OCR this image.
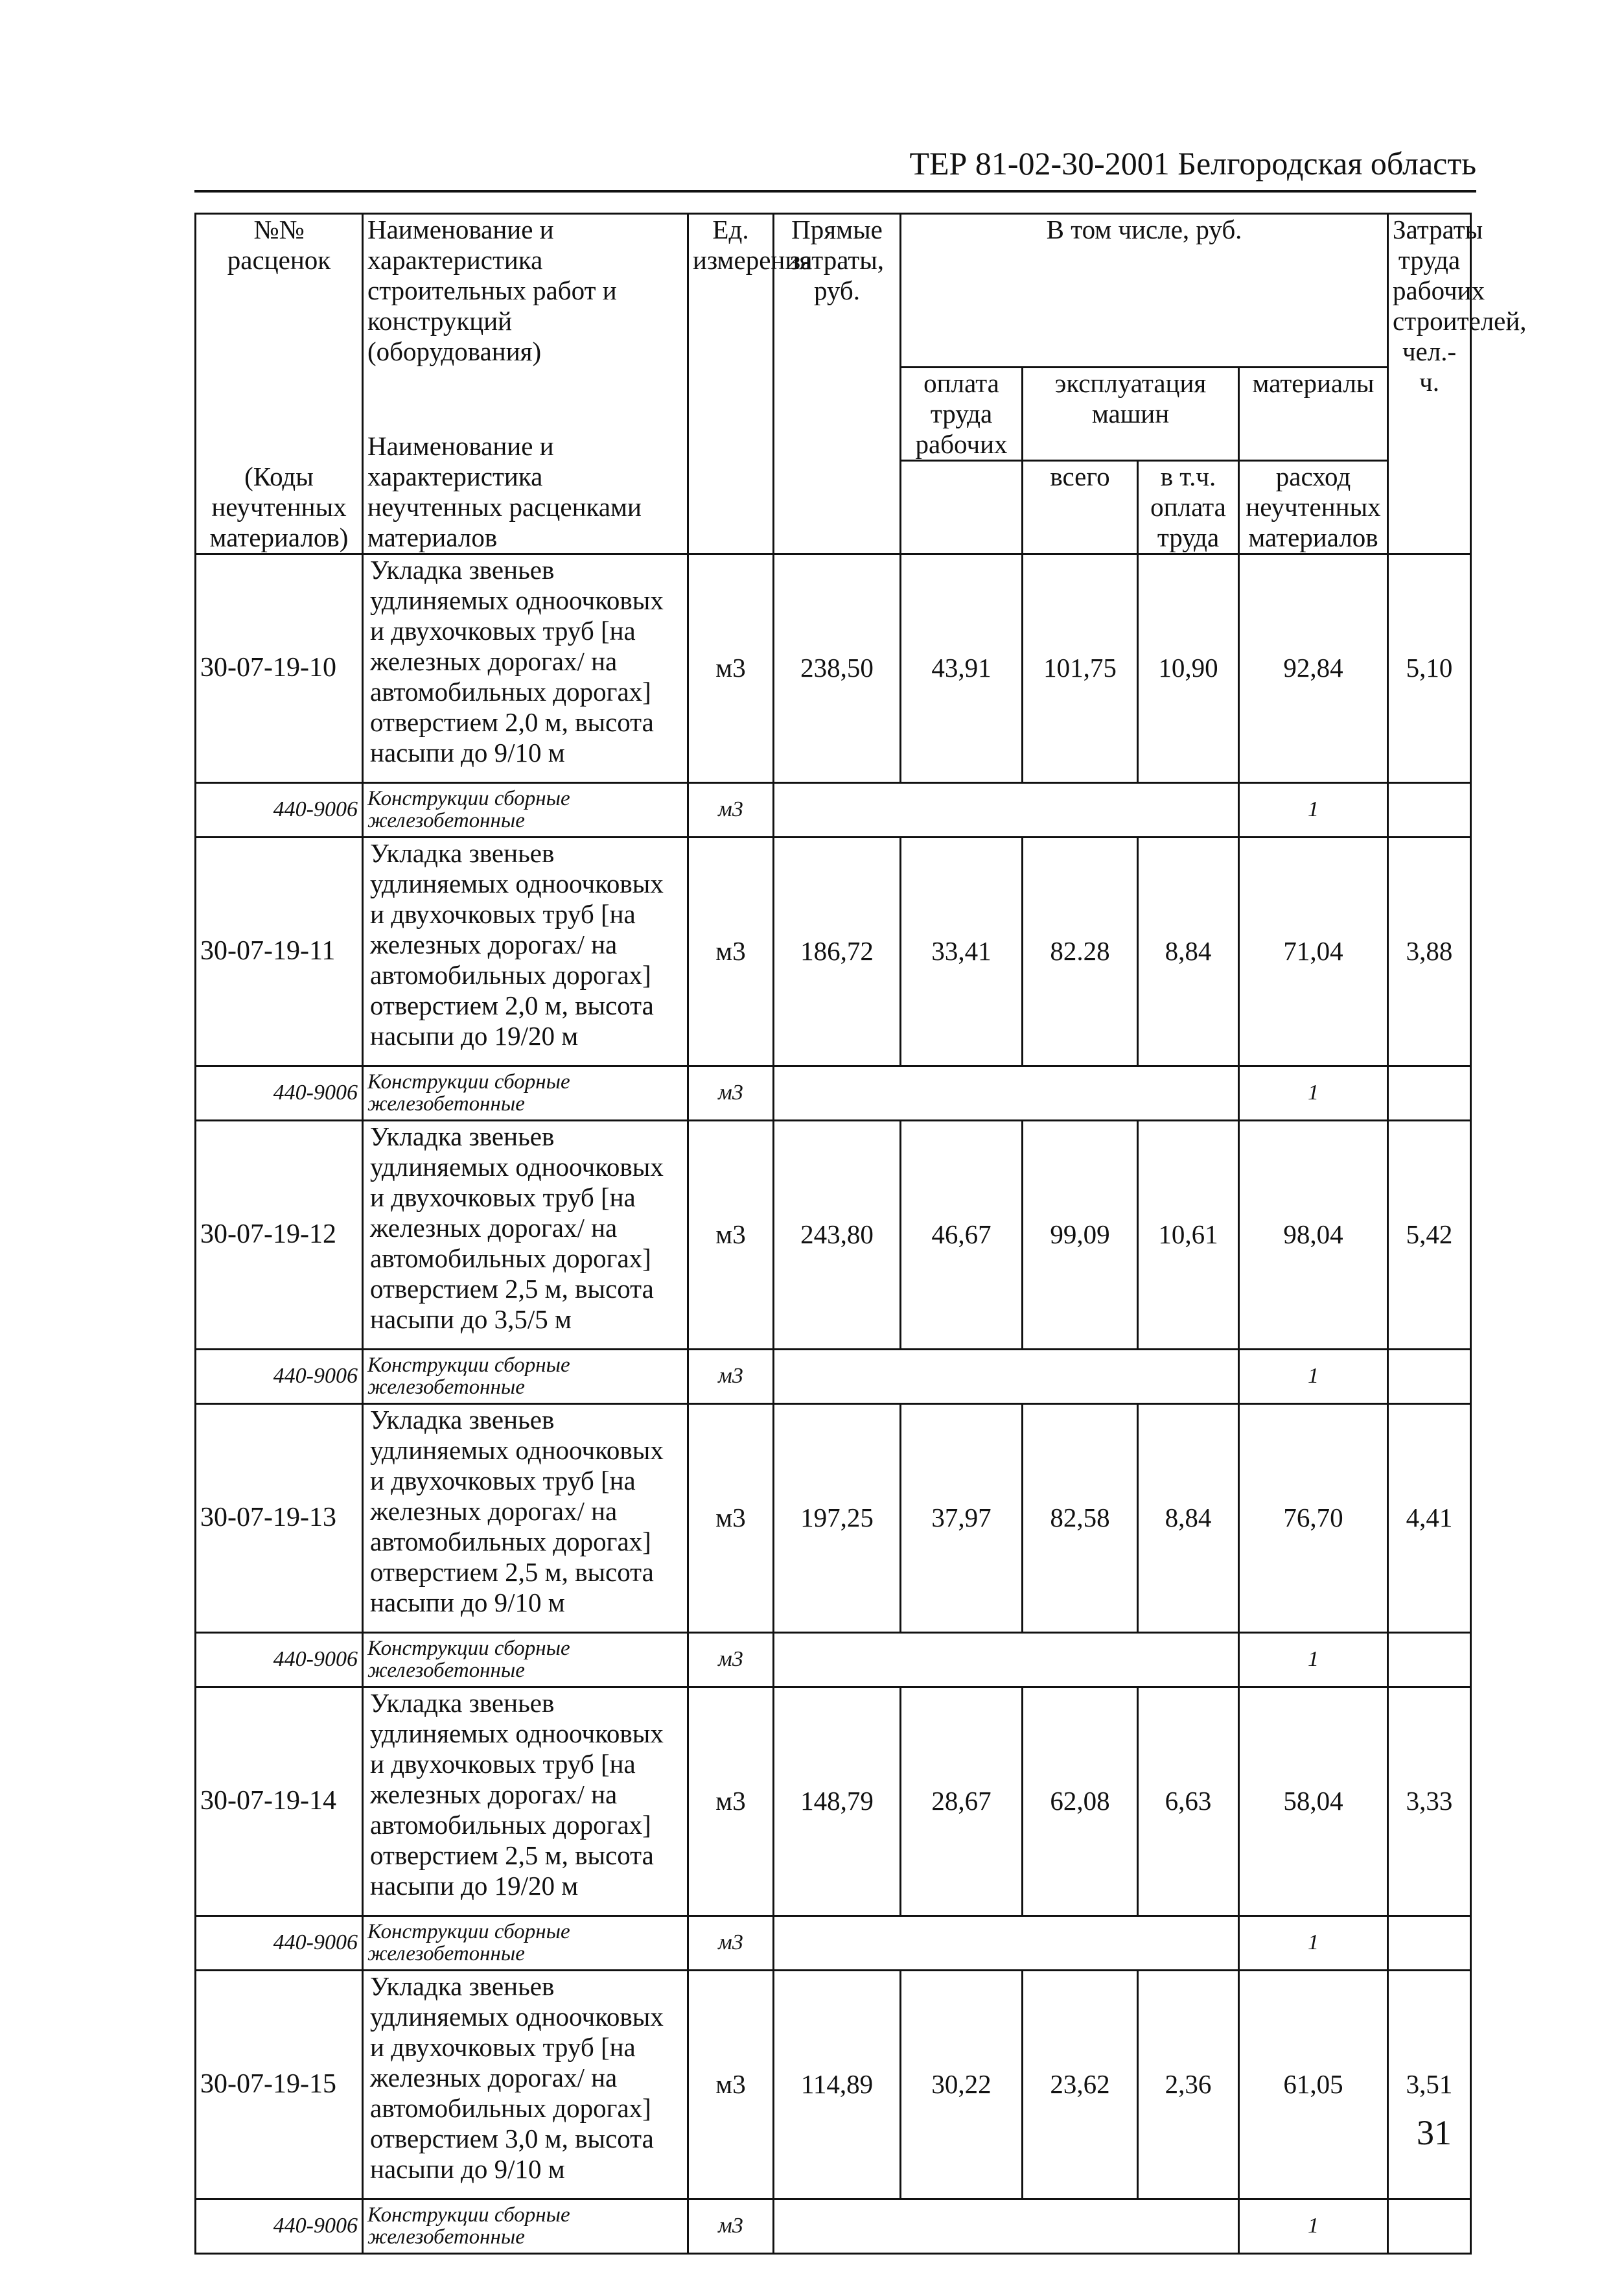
ТЕР 81-02-30-2001 Белгородская область
№№ расценок	Наименование и характеристика строительных работ и конструкций (оборудования)	Ед. измерения	Прямые затраты, руб.	В том числе, руб.				Затраты труда рабочих строителей, чел.-ч.
(Коды неучтенных материалов)	Наименование и характеристика неучтенных расценками материалов			оплата труда рабочих	эксплуатация машин		материалы	
					всего	в т.ч. оплата труда	расход неучтенных материалов	
30-07-19-10	Укладка звеньев удлиняемых одноочковых и двухочковых труб [на железных дорогах/ на автомобильных дорогах] отверстием 2,0 м, высота насыпи до 9/10 м	м3	238,50	43,91	101,75	10,90	92,84	5,10
440-9006	Конструкции сборные железобетонные	м3					1	
30-07-19-11	Укладка звеньев удлиняемых одноочковых и двухочковых труб [на железных дорогах/ на автомобильных дорогах] отверстием 2,0 м, высота насыпи до 19/20 м	м3	186,72	33,41	82.28	8,84	71,04	3,88
440-9006	Конструкции сборные железобетонные	м3					1	
30-07-19-12	Укладка звеньев удлиняемых одноочковых и двухочковых труб [на железных дорогах/ на автомобильных дорогах] отверстием 2,5 м, высота насыпи до 3,5/5 м	м3	243,80	46,67	99,09	10,61	98,04	5,42
440-9006	Конструкции сборные железобетонные	м3					1	
30-07-19-13	Укладка звеньев удлиняемых одноочковых и двухочковых труб [на железных дорогах/ на автомобильных дорогах] отверстием 2,5 м, высота насыпи до 9/10 м	м3	197,25	37,97	82,58	8,84	76,70	4,41
440-9006	Конструкции сборные железобетонные	м3					1	
30-07-19-14	Укладка звеньев удлиняемых одноочковых и двухочковых труб [на железных дорогах/ на автомобильных дорогах] отверстием 2,5 м, высота насыпи до 19/20 м	м3	148,79	28,67	62,08	6,63	58,04	3,33
440-9006	Конструкции сборные железобетонные	м3					1	
30-07-19-15	Укладка звеньев удлиняемых одноочковых и двухочковых труб [на железных дорогах/ на автомобильных дорогах] отверстием 3,0 м, высота насыпи до 9/10 м	м3	114,89	30,22	23,62	2,36	61,05	3,51
440-9006	Конструкции сборные железобетонные	м3					1	
31
